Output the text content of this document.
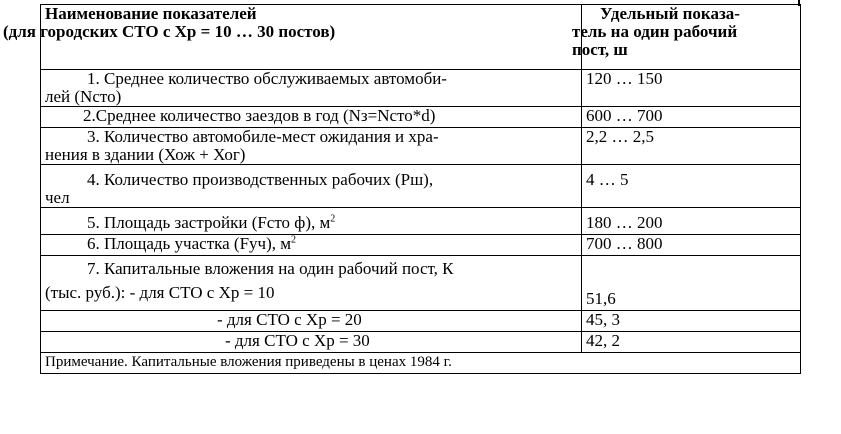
Наименование показателей
(для городских СТО с Хр = 10 … 30 постов)	Удельный показа-
тель на один рабочий
пост, ш

1. Среднее количество обслуживаемых автомоби-
лей (Nсто)	120 … 150

2.Среднее количество заездов в год (Nз=Nсто*d)	600 … 700

3. Количество автомобиле-мест ожидания и хра-
нения в здании (Хож + Хог)	2,2 … 2,5

4. Количество производственных рабочих (Рш),
чел	4 … 5

5. Площадь застройки (Fсто ф), $м^2$	180 … 200

6. Площадь участка (Fуч), $м^2$	700 … 800

7. Капитальные вложения на один рабочий пост, К
(тыс. руб.): - для СТО с Хр = 10	51,6
- для СТО с Хр = 20	45, 3
- для СТО с Хр = 30	42, 2
Примечание. Капитальные вложения приведены в ценах 1984 г.	
